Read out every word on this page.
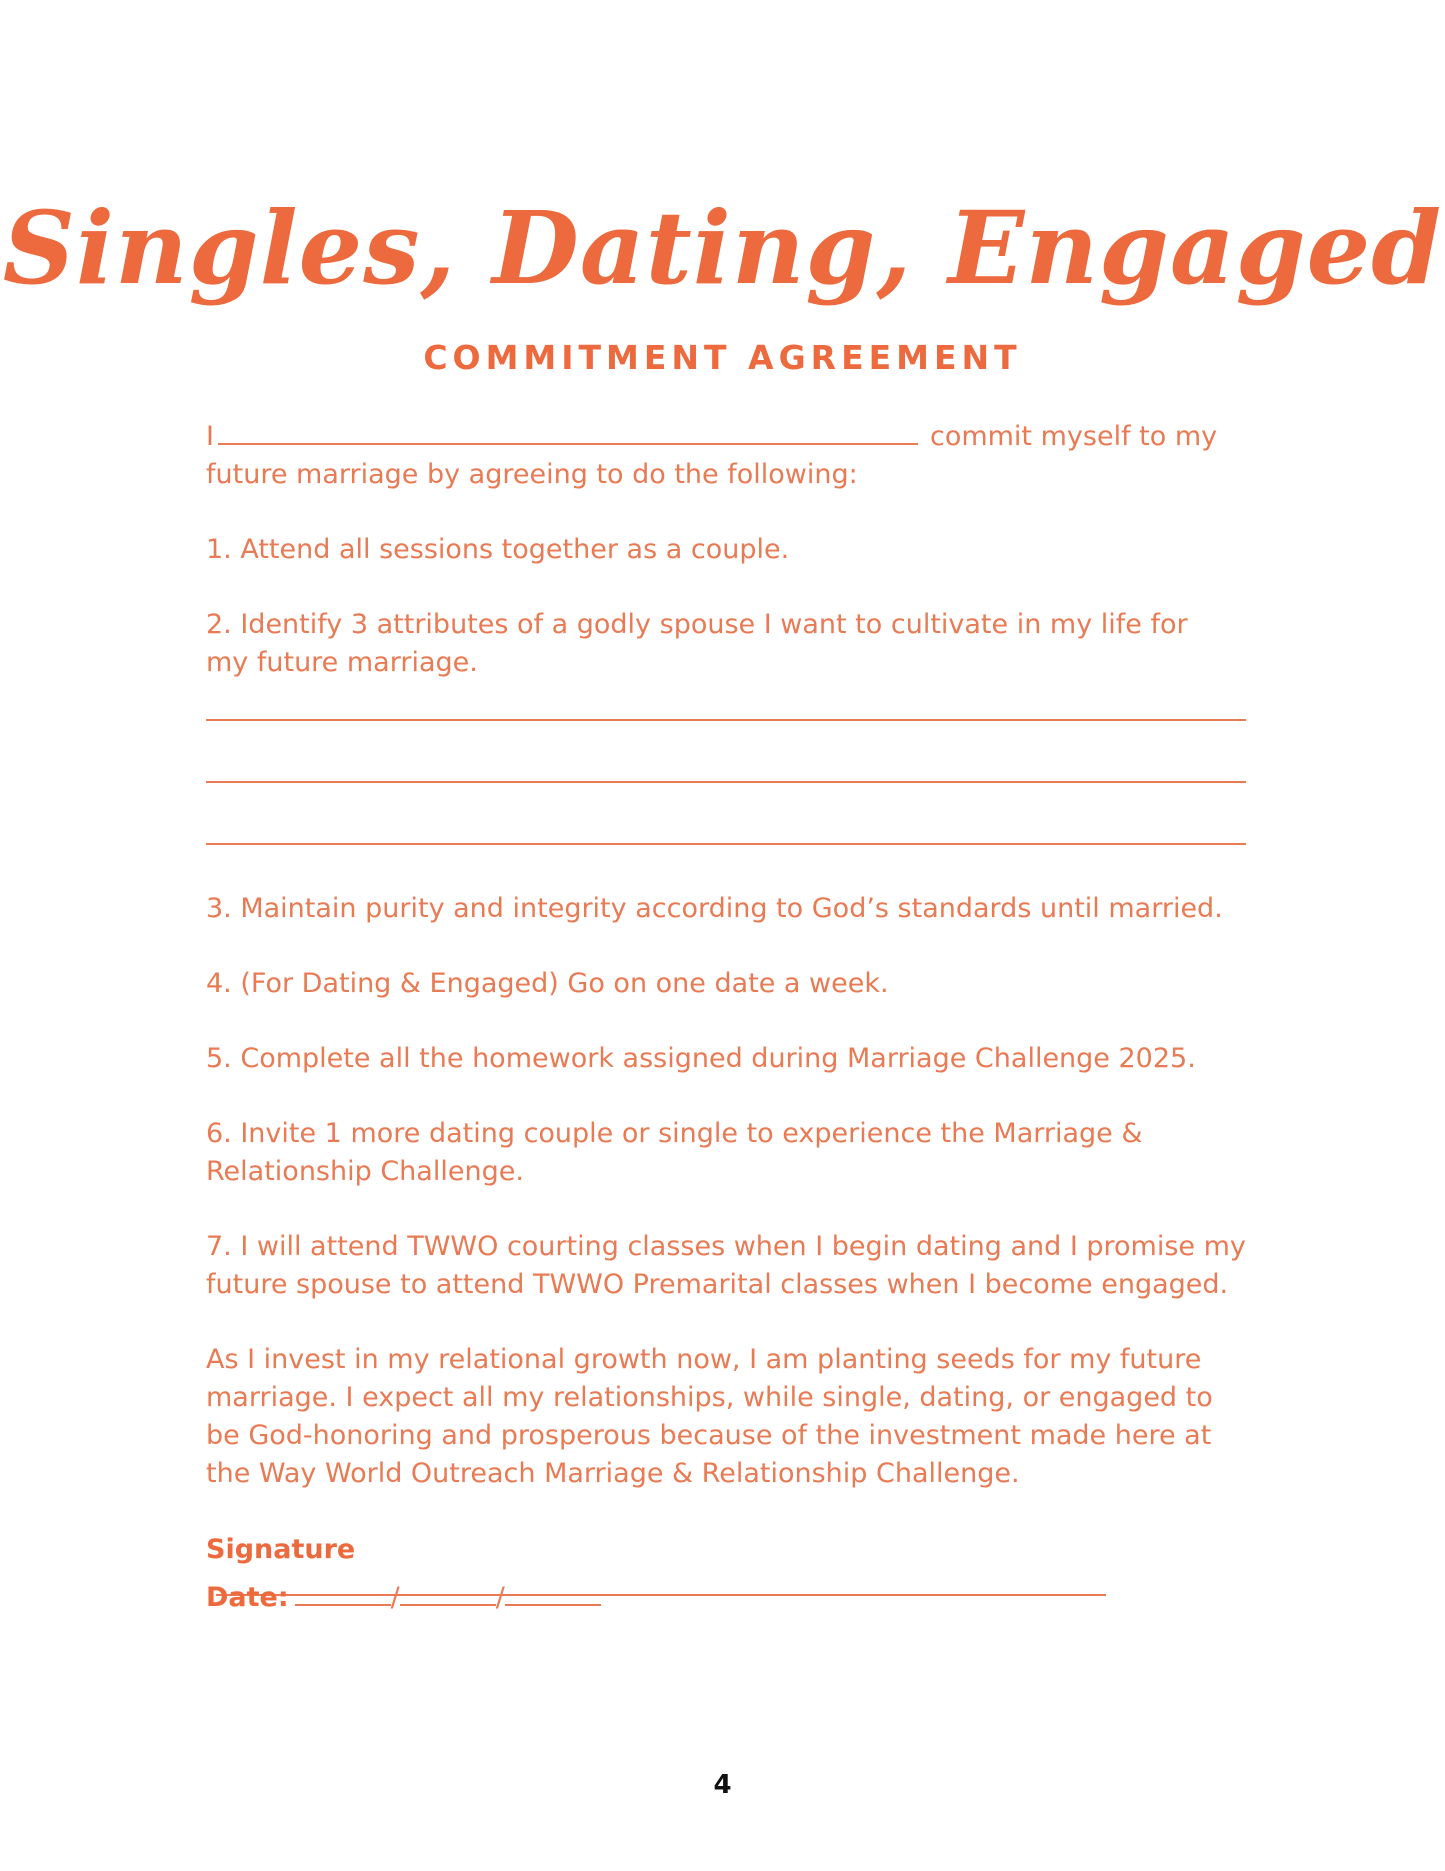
Singles, Dating, Engaged
COMMITMENT AGREEMENT
I	commit myself to my
future marriage by agreeing to do the following:
1. Attend all sessions together as a couple.
2. Identify 3 attributes of a godly spouse I want to cultivate in my life for my future marriage.
3. Maintain purity and integrity according to God’s standards until married.
4. (For Dating & Engaged) Go on one date a week.
5. Complete all the homework assigned during Marriage Challenge 2025.
6. Invite 1 more dating couple or single to experience the Marriage & Relationship Challenge.
7. I will attend TWWO courting classes when I begin dating and I promise my future spouse to attend TWWO Premarital classes when I become engaged.
As I invest in my relational growth now, I am planting seeds for my future marriage. I expect all my relationships, while single, dating, or engaged to be God-honoring and prosperous because of the investment made here at the Way World Outreach Marriage & Relationship Challenge.
Signature
Date:	/	/
4
